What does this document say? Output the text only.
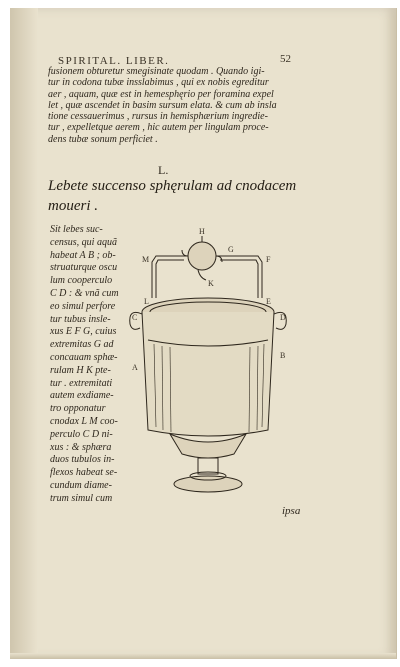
SPIRITAL. LIBER.	52
fusionem obturetur smegisinate quodam . Quando igi-
tur in codona tubæ insslabimus , qui ex nobis egreditur
aer , aquam, quæ est in hemesphęrio per foramina expel
let , quæ ascendet in basim sursum elata. & cum ab insla
tione cessauerimus , rursus in hemisphærium ingredie-
tur , expelletque aerem , hic autem per lingulam proce-
dens tubæ sonum perficiet .
L.
Lebete succenso sphęrulam ad cnodacem
moueri .
Sit lebes suc-
census, qui aquã
habeat A B ; ob-
struaturque oscu
lum cooperculo
C D : & vnã cum
eo simul perfore
tur tubus insle-
xus E F G, cuius
extremitas G ad
concauam sphæ-
rulam H K pte-
tur . extremitati
autem exdiame-
tro opponatur
cnodax L M coo-
perculo C D ni-
xus : & sphæra
duos tubulos in-
flexos habeat se-
cundum diame-
trum simul cum
H
M
G
F
K
L	E
C	D
A
B
ipsa
